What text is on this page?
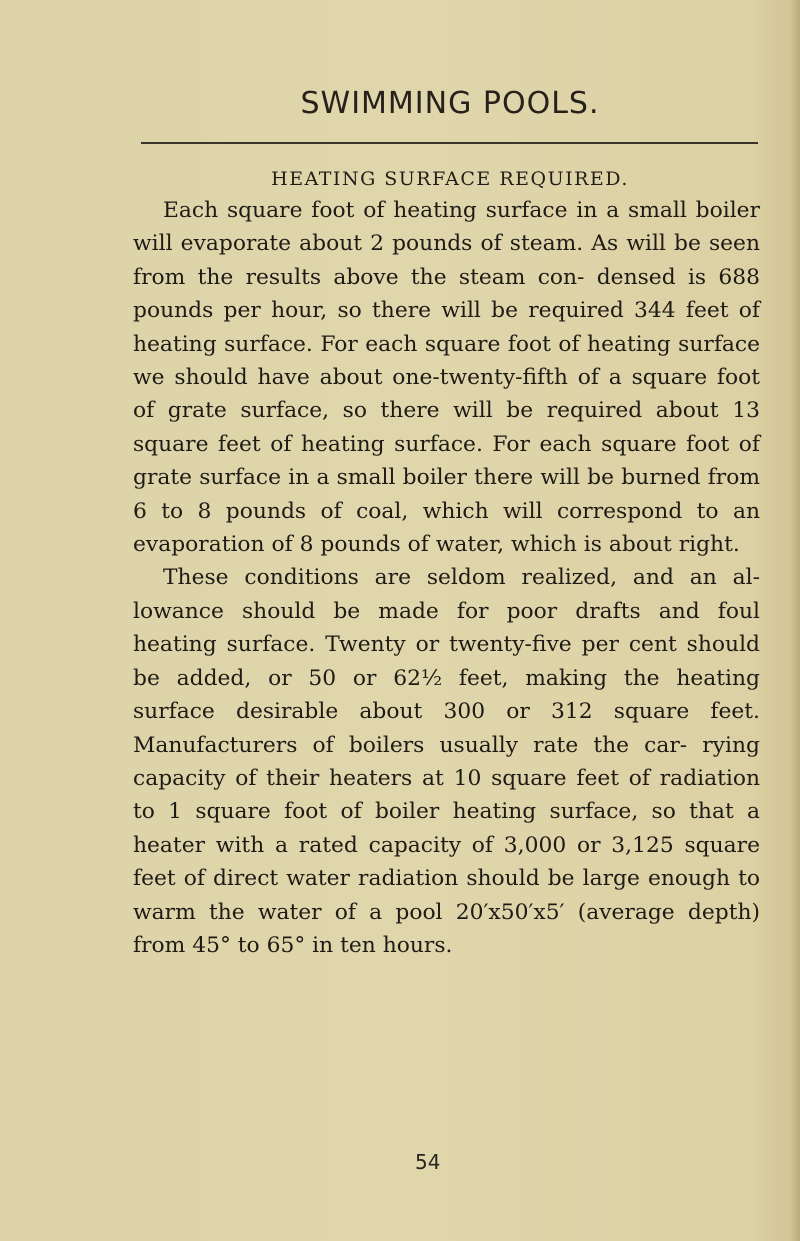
SWIMMING POOLS.
HEATING SURFACE REQUIRED.

Each square foot of heating surface in a small boiler will evaporate about 2 pounds of steam. As will be seen from the results above the steam con- densed is 688 pounds per hour, so there will be required 344 feet of heating surface. For each square foot of heating surface we should have about one-twenty-fifth of a square foot of grate surface, so there will be required about 13 square feet of heating surface. For each square foot of grate surface in a small boiler there will be burned from 6 to 8 pounds of coal, which will correspond to an evaporation of 8 pounds of water, which is about right.

These conditions are seldom realized, and an al- lowance should be made for poor drafts and foul heating surface. Twenty or twenty-five per cent should be added, or 50 or 62½ feet, making the heating surface desirable about 300 or 312 square feet. Manufacturers of boilers usually rate the car- rying capacity of their heaters at 10 square feet of radiation to 1 square foot of boiler heating surface, so that a heater with a rated capacity of 3,000 or 3,125 square feet of direct water radiation should be large enough to warm the water of a pool 20′x50′x5′ (average depth) from 45° to 65° in ten hours.

54
